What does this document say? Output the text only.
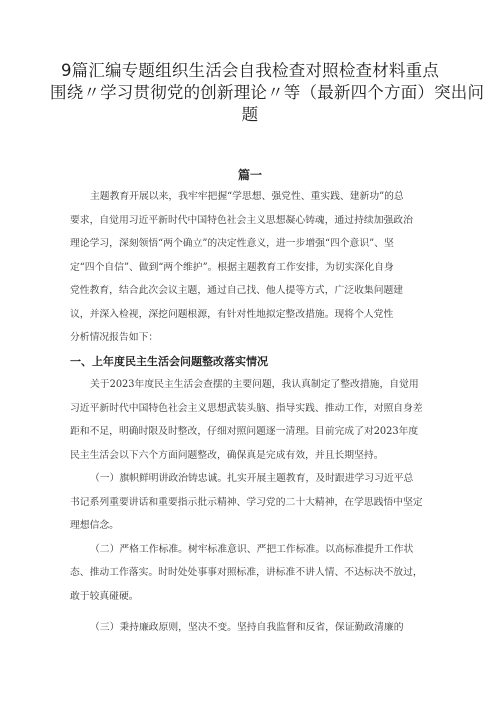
9篇汇编专题组织生活会自我检查对照检查材料重点
围绕〃学习贯彻党的创新理论〃等（最新四个方面）突出问
题
篇一
主题教育开展以来，我牢牢把握“学思想、强党性、重实践、建新功”的总
要求，自觉用习近平新时代中国特色社会主义思想凝心铸魂，通过持续加强政治
理论学习，深刻领悟“两个确立”的决定性意义，进一步增强“四个意识”、坚
定“四个自信”、做到“两个维护”。根据主题教育工作安排，为切实深化自身
党性教育，结合此次会议主题，通过自己找、他人提等方式，广泛收集问题建
议，并深入检视，深挖问题根源，有针对性地拟定整改措施。现将个人党性
分析情况报告如下：
一、上年度民主生活会问题整改落实情况
关于2023年度民主生活会查摆的主要问题，我认真制定了整改措施，自觉用
习近平新时代中国特色社会主义思想武装头脑、指导实践、推动工作，对照自身差
距和不足，明确时限及时整改，仔细对照问题逐一清理。目前完成了对2023年度
民主生活会以下六个方面问题整改，确保真是完成有效，并且长期坚持。
（一）旗帜鲜明讲政治铸忠诚。扎实开展主题教育，及时跟进学习习近平总
书记系列重要讲话和重要指示批示精神、学习党的二十大精神，在学思践悟中坚定
理想信念。
（二）严格工作标准。树牢标准意识、严把工作标准。以高标准提升工作状
态、推动工作落实。时时处处事事对照标准，讲标准不讲人情、不达标决不放过，
敢于较真碰硬。
（三）秉持廉政原则，坚决不变。坚持自我监督和反省，保证勤政清廉的
